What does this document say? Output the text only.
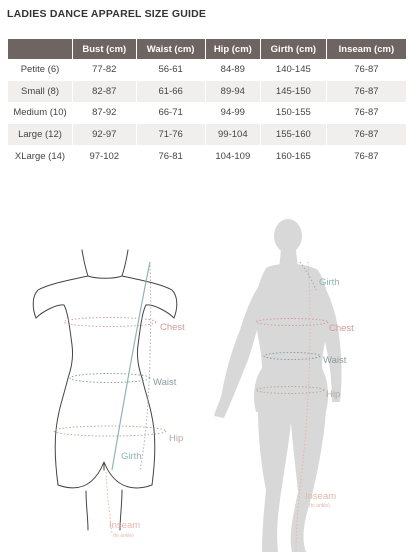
LADIES DANCE APPAREL SIZE GUIDE
	Bust (cm)	Waist (cm)	Hip (cm)	Girth (cm)	Inseam (cm)
Petite (6)	77-82	56-61	84-89	140-145	76-87
Small (8)	82-87	61-66	89-94	145-150	76-87
Medium (10)	87-92	66-71	94-99	150-155	76-87
Large (12)	92-97	71-76	99-104	155-160	76-87
XLarge (14)	97-102	76-81	104-109	160-165	76-87
Chest
Waist
Hip
Girth
Inseam
(to ankle)
Girth
Chest
Waist
Hip
Inseam
(to ankle)
